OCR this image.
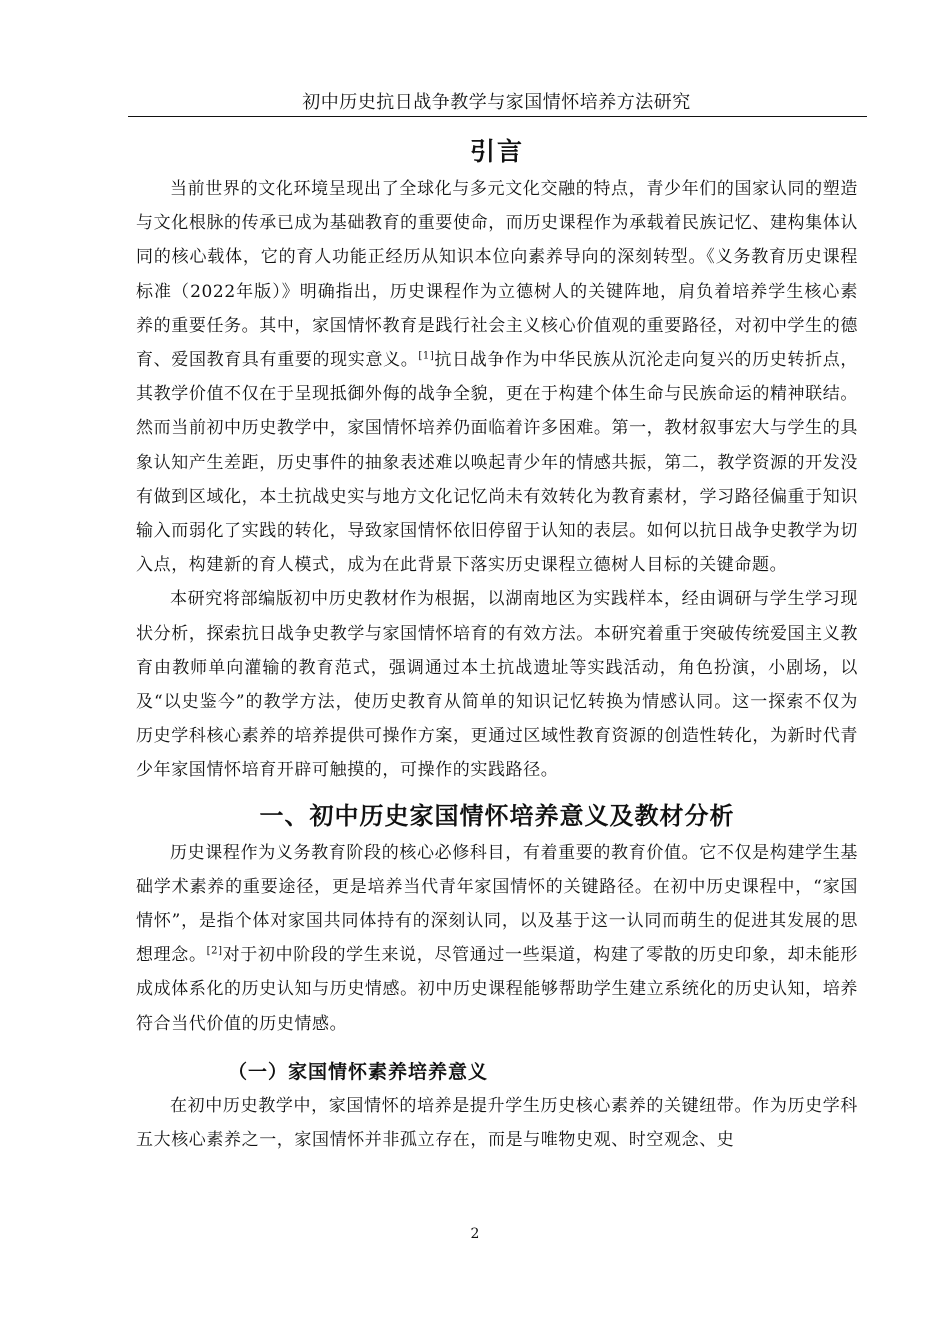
初中历史抗日战争教学与家国情怀培养方法研究
引言

当前世界的文化环境呈现出了全球化与多元文化交融的特点，青少年们的国家认同的塑造与文化根脉的传承已成为基础教育的重要使命，而历史课程作为承载着民族记忆、建构集体认同的核心载体，它的育人功能正经历从知识本位向素养导向的深刻转型。《义务教育历史课程标准（2022年版）》明确指出，历史课程作为立德树人的关键阵地，肩负着培养学生核心素养的重要任务。其中，家国情怀教育是践行社会主义核心价值观的重要路径，对初中学生的德育、爱国教育具有重要的现实意义。[1]抗日战争作为中华民族从沉沦走向复兴的历史转折点，其教学价值不仅在于呈现抵御外侮的战争全貌，更在于构建个体生命与民族命运的精神联结。然而当前初中历史教学中，家国情怀培养仍面临着许多困难。第一，教材叙事宏大与学生的具象认知产生差距，历史事件的抽象表述难以唤起青少年的情感共振，第二，教学资源的开发没有做到区域化，本土抗战史实与地方文化记忆尚未有效转化为教育素材，学习路径偏重于知识输入而弱化了实践的转化，导致家国情怀依旧停留于认知的表层。如何以抗日战争史教学为切入点，构建新的育人模式，成为在此背景下落实历史课程立德树人目标的关键命题。

本研究将部编版初中历史教材作为根据，以湖南地区为实践样本，经由调研与学生学习现状分析，探索抗日战争史教学与家国情怀培育的有效方法。本研究着重于突破传统爱国主义教育由教师单向灌输的教育范式，强调通过本土抗战遗址等实践活动，角色扮演，小剧场，以及“以史鉴今”的教学方法，使历史教育从简单的知识记忆转换为情感认同。这一探索不仅为历史学科核心素养的培养提供可操作方案，更通过区域性教育资源的创造性转化，为新时代青少年家国情怀培育开辟可触摸的，可操作的实践路径。

一、初中历史家国情怀培养意义及教材分析

历史课程作为义务教育阶段的核心必修科目，有着重要的教育价值。它不仅是构建学生基础学术素养的重要途径，更是培养当代青年家国情怀的关键路径。在初中历史课程中，“家国情怀”，是指个体对家国共同体持有的深刻认同，以及基于这一认同而萌生的促进其发展的思想理念。[2]对于初中阶段的学生来说，尽管通过一些渠道，构建了零散的历史印象，却未能形成成体系化的历史认知与历史情感。初中历史课程能够帮助学生建立系统化的历史认知，培养符合当代价值的历史情感。

（一）家国情怀素养培养意义

在初中历史教学中，家国情怀的培养是提升学生历史核心素养的关键纽带。作为历史学科五大核心素养之一，家国情怀并非孤立存在，而是与唯物史观、时空观念、史

2
